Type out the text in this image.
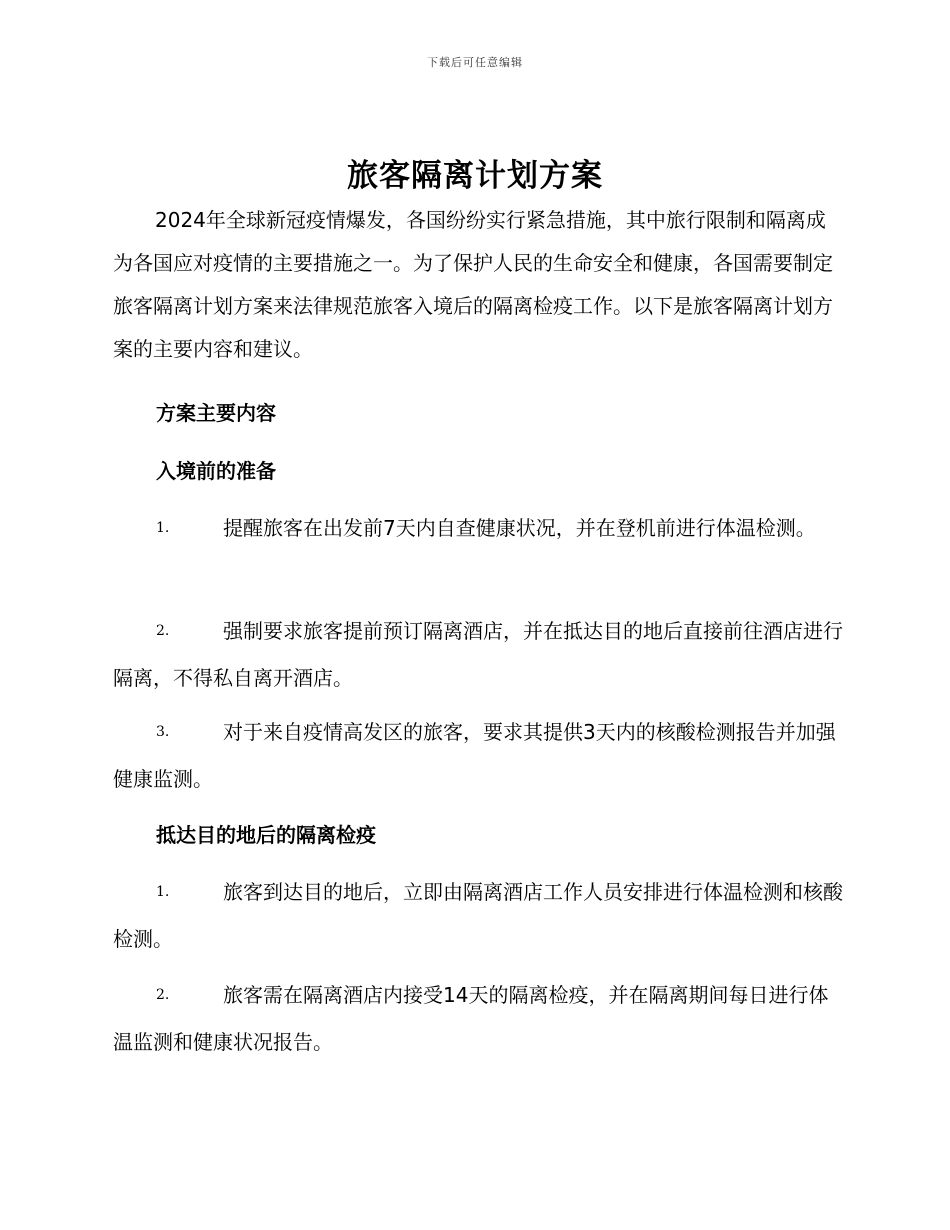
下载后可任意编辑
旅客隔离计划方案

2024年全球新冠疫情爆发，各国纷纷实行紧急措施，其中旅行限制和隔离成为各国应对疫情的主要措施之一。为了保护人民的生命安全和健康，各国需要制定旅客隔离计划方案来法律规范旅客入境后的隔离检疫工作。以下是旅客隔离计划方案的主要内容和建议。

方案主要内容
入境前的准备
1.	提醒旅客在出发前7天内自查健康状况，并在登机前进行体温检测。
2.	强制要求旅客提前预订隔离酒店，并在抵达目的地后直接前往酒店进行隔离，不得私自离开酒店。
3.	对于来自疫情高发区的旅客，要求其提供3天内的核酸检测报告并加强健康监测。
抵达目的地后的隔离检疫
1.	旅客到达目的地后，立即由隔离酒店工作人员安排进行体温检测和核酸检测。
2.	旅客需在隔离酒店内接受14天的隔离检疫，并在隔离期间每日进行体温监测和健康状况报告。
